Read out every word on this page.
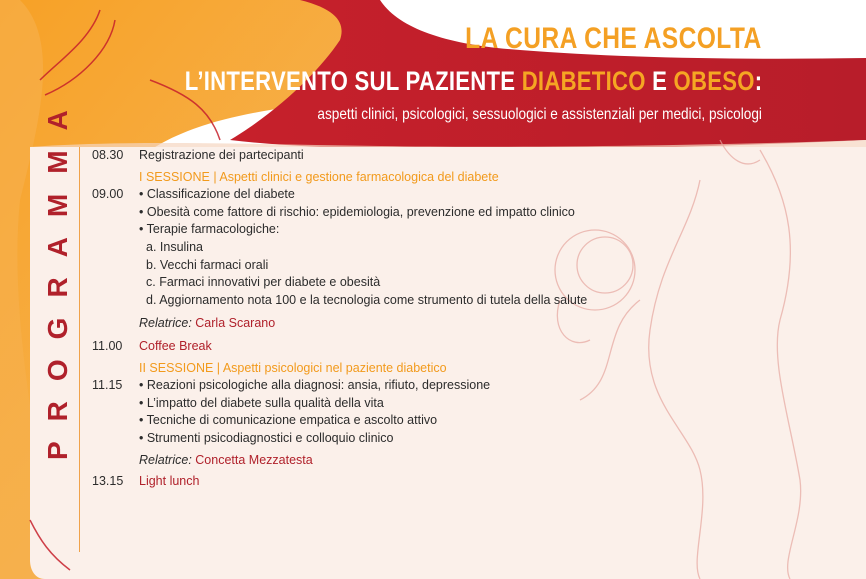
LA CURA CHE ASCOLTA
L’INTERVENTO SUL PAZIENTE DIABETICO E OBESO:
aspetti clinici, psicologici, sessuologici e assistenziali per medici, psicologi
PROGRAMMA	08.30	Registrazione dei partecipanti
I SESSIONE | Aspetti clinici e gestione farmacologica del diabete
09.00	• Classificazione del diabete
• Obesità come fattore di rischio: epidemiologia, prevenzione ed impatto clinico
• Terapie farmacologiche:
a. Insulina
b. Vecchi farmaci orali
c. Farmaci innovativi per diabete e obesità
d. Aggiornamento nota 100 e la tecnologia come strumento di tutela della salute
Relatrice: Carla Scarano
11.00	Coffee Break
II SESSIONE | Aspetti psicologici nel paziente diabetico
11.15	• Reazioni psicologiche alla diagnosi: ansia, rifiuto, depressione
• L’impatto del diabete sulla qualità della vita
• Tecniche di comunicazione empatica e ascolto attivo
• Strumenti psicodiagnostici e colloquio clinico
Relatrice: Concetta Mezzatesta
13.15	Light lunch
